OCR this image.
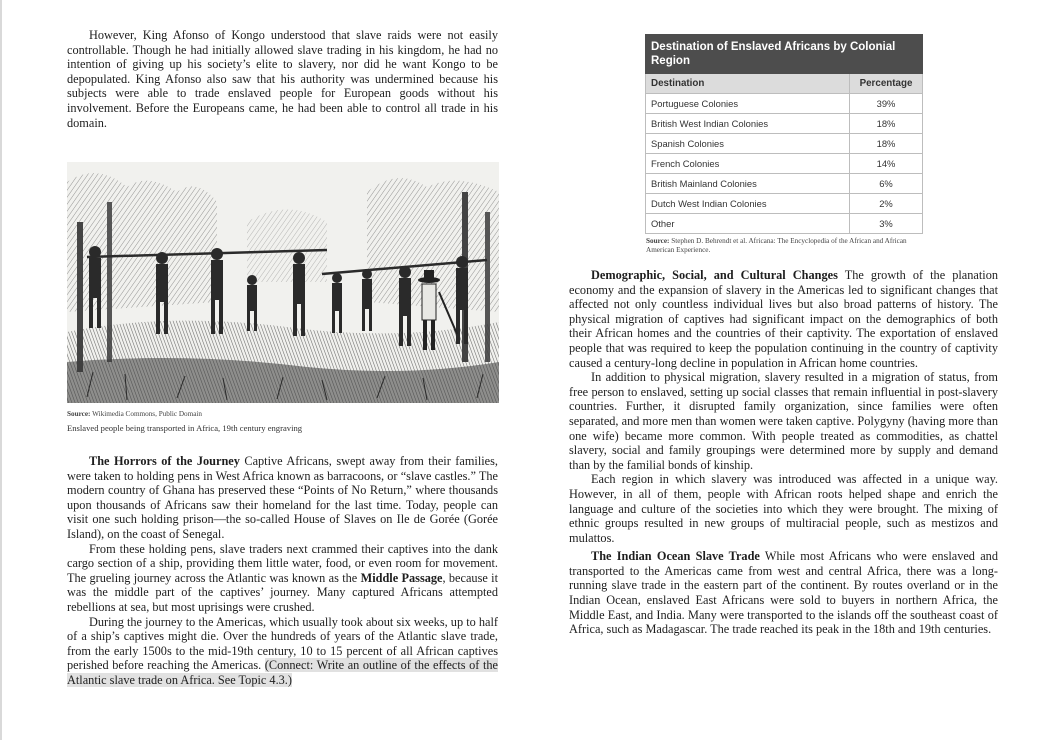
However, King Afonso of Kongo understood that slave raids were not easily controllable. Though he had initially allowed slave trading in his kingdom, he had no intention of giving up his society’s elite to slavery, nor did he want Kongo to be depopulated. King Afonso also saw that his authority was undermined because his subjects were able to trade enslaved people for European goods without his involvement. Before the Europeans came, he had been able to control all trade in his domain.

Source: Wikimedia Commons, Public Domain
Enslaved people being transported in Africa, 19th century engraving

The Horrors of the Journey Captive Africans, swept away from their families, were taken to holding pens in West Africa known as barracoons, or “slave castles.” The modern country of Ghana has preserved these “Points of No Return,” where thousands upon thousands of Africans saw their homeland for the last time. Today, people can visit one such holding prison—the so-called House of Slaves on Ile de Gorée (Gorée Island), on the coast of Senegal.

From these holding pens, slave traders next crammed their captives into the dank cargo section of a ship, providing them little water, food, or even room for movement. The grueling journey across the Atlantic was known as the Middle Passage, because it was the middle part of the captives’ journey. Many captured Africans attempted rebellions at sea, but most uprisings were crushed.

During the journey to the Americas, which usually took about six weeks, up to half of a ship’s captives might die. Over the hundreds of years of the Atlantic slave trade, from the early 1500s to the mid-19th century, 10 to 15 percent of all African captives perished before reaching the Americas. (Connect: Write an outline of the effects of the Atlantic slave trade on Africa. See Topic 4.3.)

Destination of Enslaved Africans by Colonial Region	
Destination	Percentage
Portuguese Colonies	39%
British West Indian Colonies	18%
Spanish Colonies	18%
French Colonies	14%
British Mainland Colonies	6%
Dutch West Indian Colonies	2%
Other	3%
Source: Stephen D. Behrendt et al. Africana: The Encyclopedia of the African and African American Experience.

Demographic, Social, and Cultural Changes The growth of the planation economy and the expansion of slavery in the Americas led to significant changes that affected not only countless individual lives but also broad patterns of history. The physical migration of captives had significant impact on the demographics of both their African homes and the countries of their captivity. The exportation of enslaved people that was required to keep the population continuing in the country of captivity caused a century-long decline in population in African home countries.

In addition to physical migration, slavery resulted in a migration of status, from free person to enslaved, setting up social classes that remain influential in post-slavery countries. Further, it disrupted family organization, since families were often separated, and more men than women were taken captive. Polygyny (having more than one wife) became more common. With people treated as commodities, as chattel slavery, social and family groupings were determined more by supply and demand than by the familial bonds of kinship.

Each region in which slavery was introduced was affected in a unique way. However, in all of them, people with African roots helped shape and enrich the language and culture of the societies into which they were brought. The mixing of ethnic groups resulted in new groups of multiracial people, such as mestizos and mulattos.

The Indian Ocean Slave Trade While most Africans who were enslaved and transported to the Americas came from west and central Africa, there was a long-running slave trade in the eastern part of the continent. By routes overland or in the Indian Ocean, enslaved East Africans were sold to buyers in northern Africa, the Middle East, and India. Many were transported to the islands off the southeast coast of Africa, such as Madagascar. The trade reached its peak in the 18th and 19th centuries.
